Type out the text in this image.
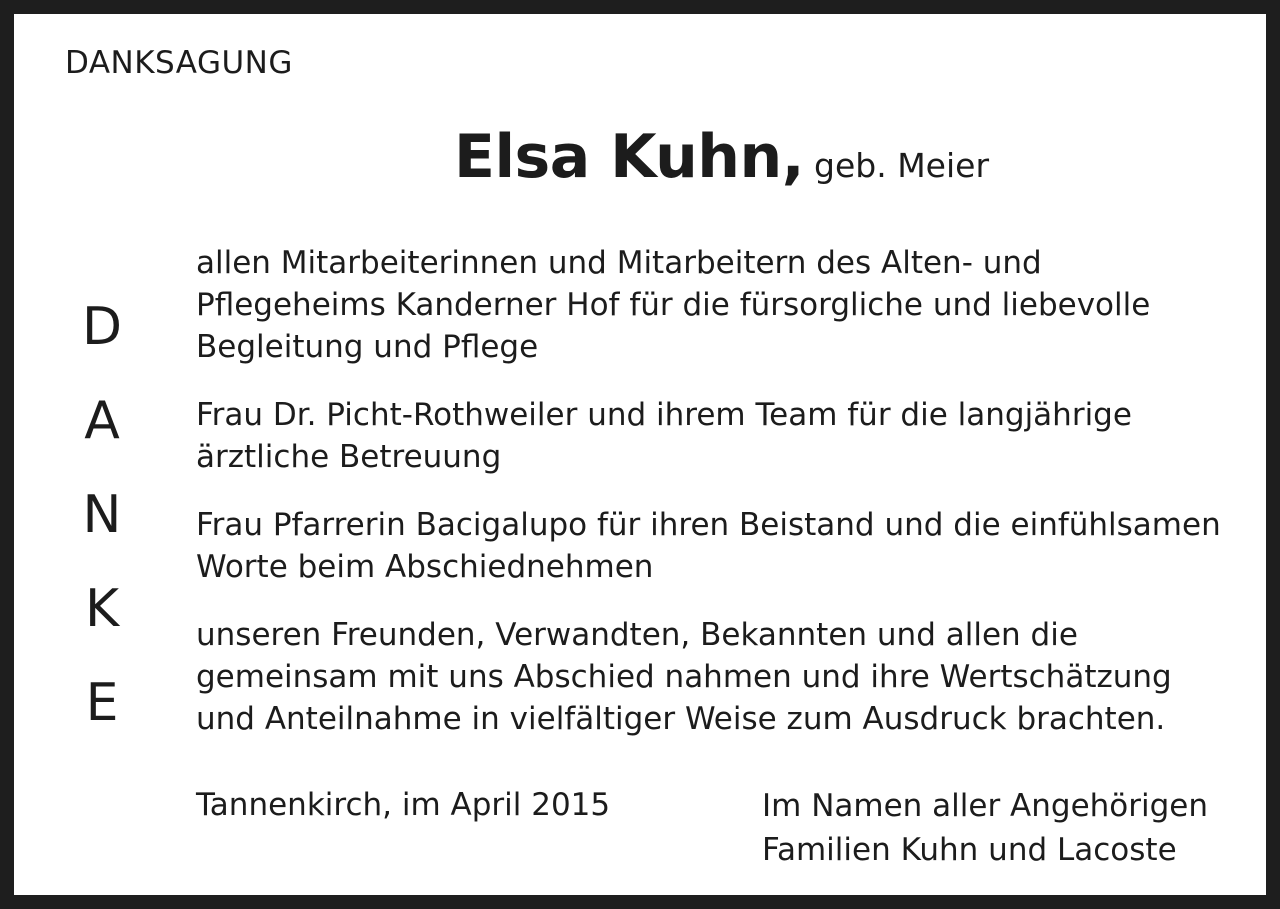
DANKSAGUNG
Elsa Kuhn, geb. Meier
D
A
N
K
E
allen Mitarbeiterinnen und Mitarbeitern des Alten- und
Pflegeheims Kanderner Hof für die fürsorgliche und liebevolle
Begleitung und Pflege
Frau Dr. Picht-Rothweiler und ihrem Team für die langjährige
ärztliche Betreuung
Frau Pfarrerin Bacigalupo für ihren Beistand und die einfühlsamen
Worte beim Abschiednehmen
unseren Freunden, Verwandten, Bekannten und allen die
gemeinsam mit uns Abschied nahmen und ihre Wertschätzung
und Anteilnahme in vielfältiger Weise zum Ausdruck brachten.
Tannenkirch, im April 2015	Im Namen aller Angehörigen
Familien Kuhn und Lacoste
